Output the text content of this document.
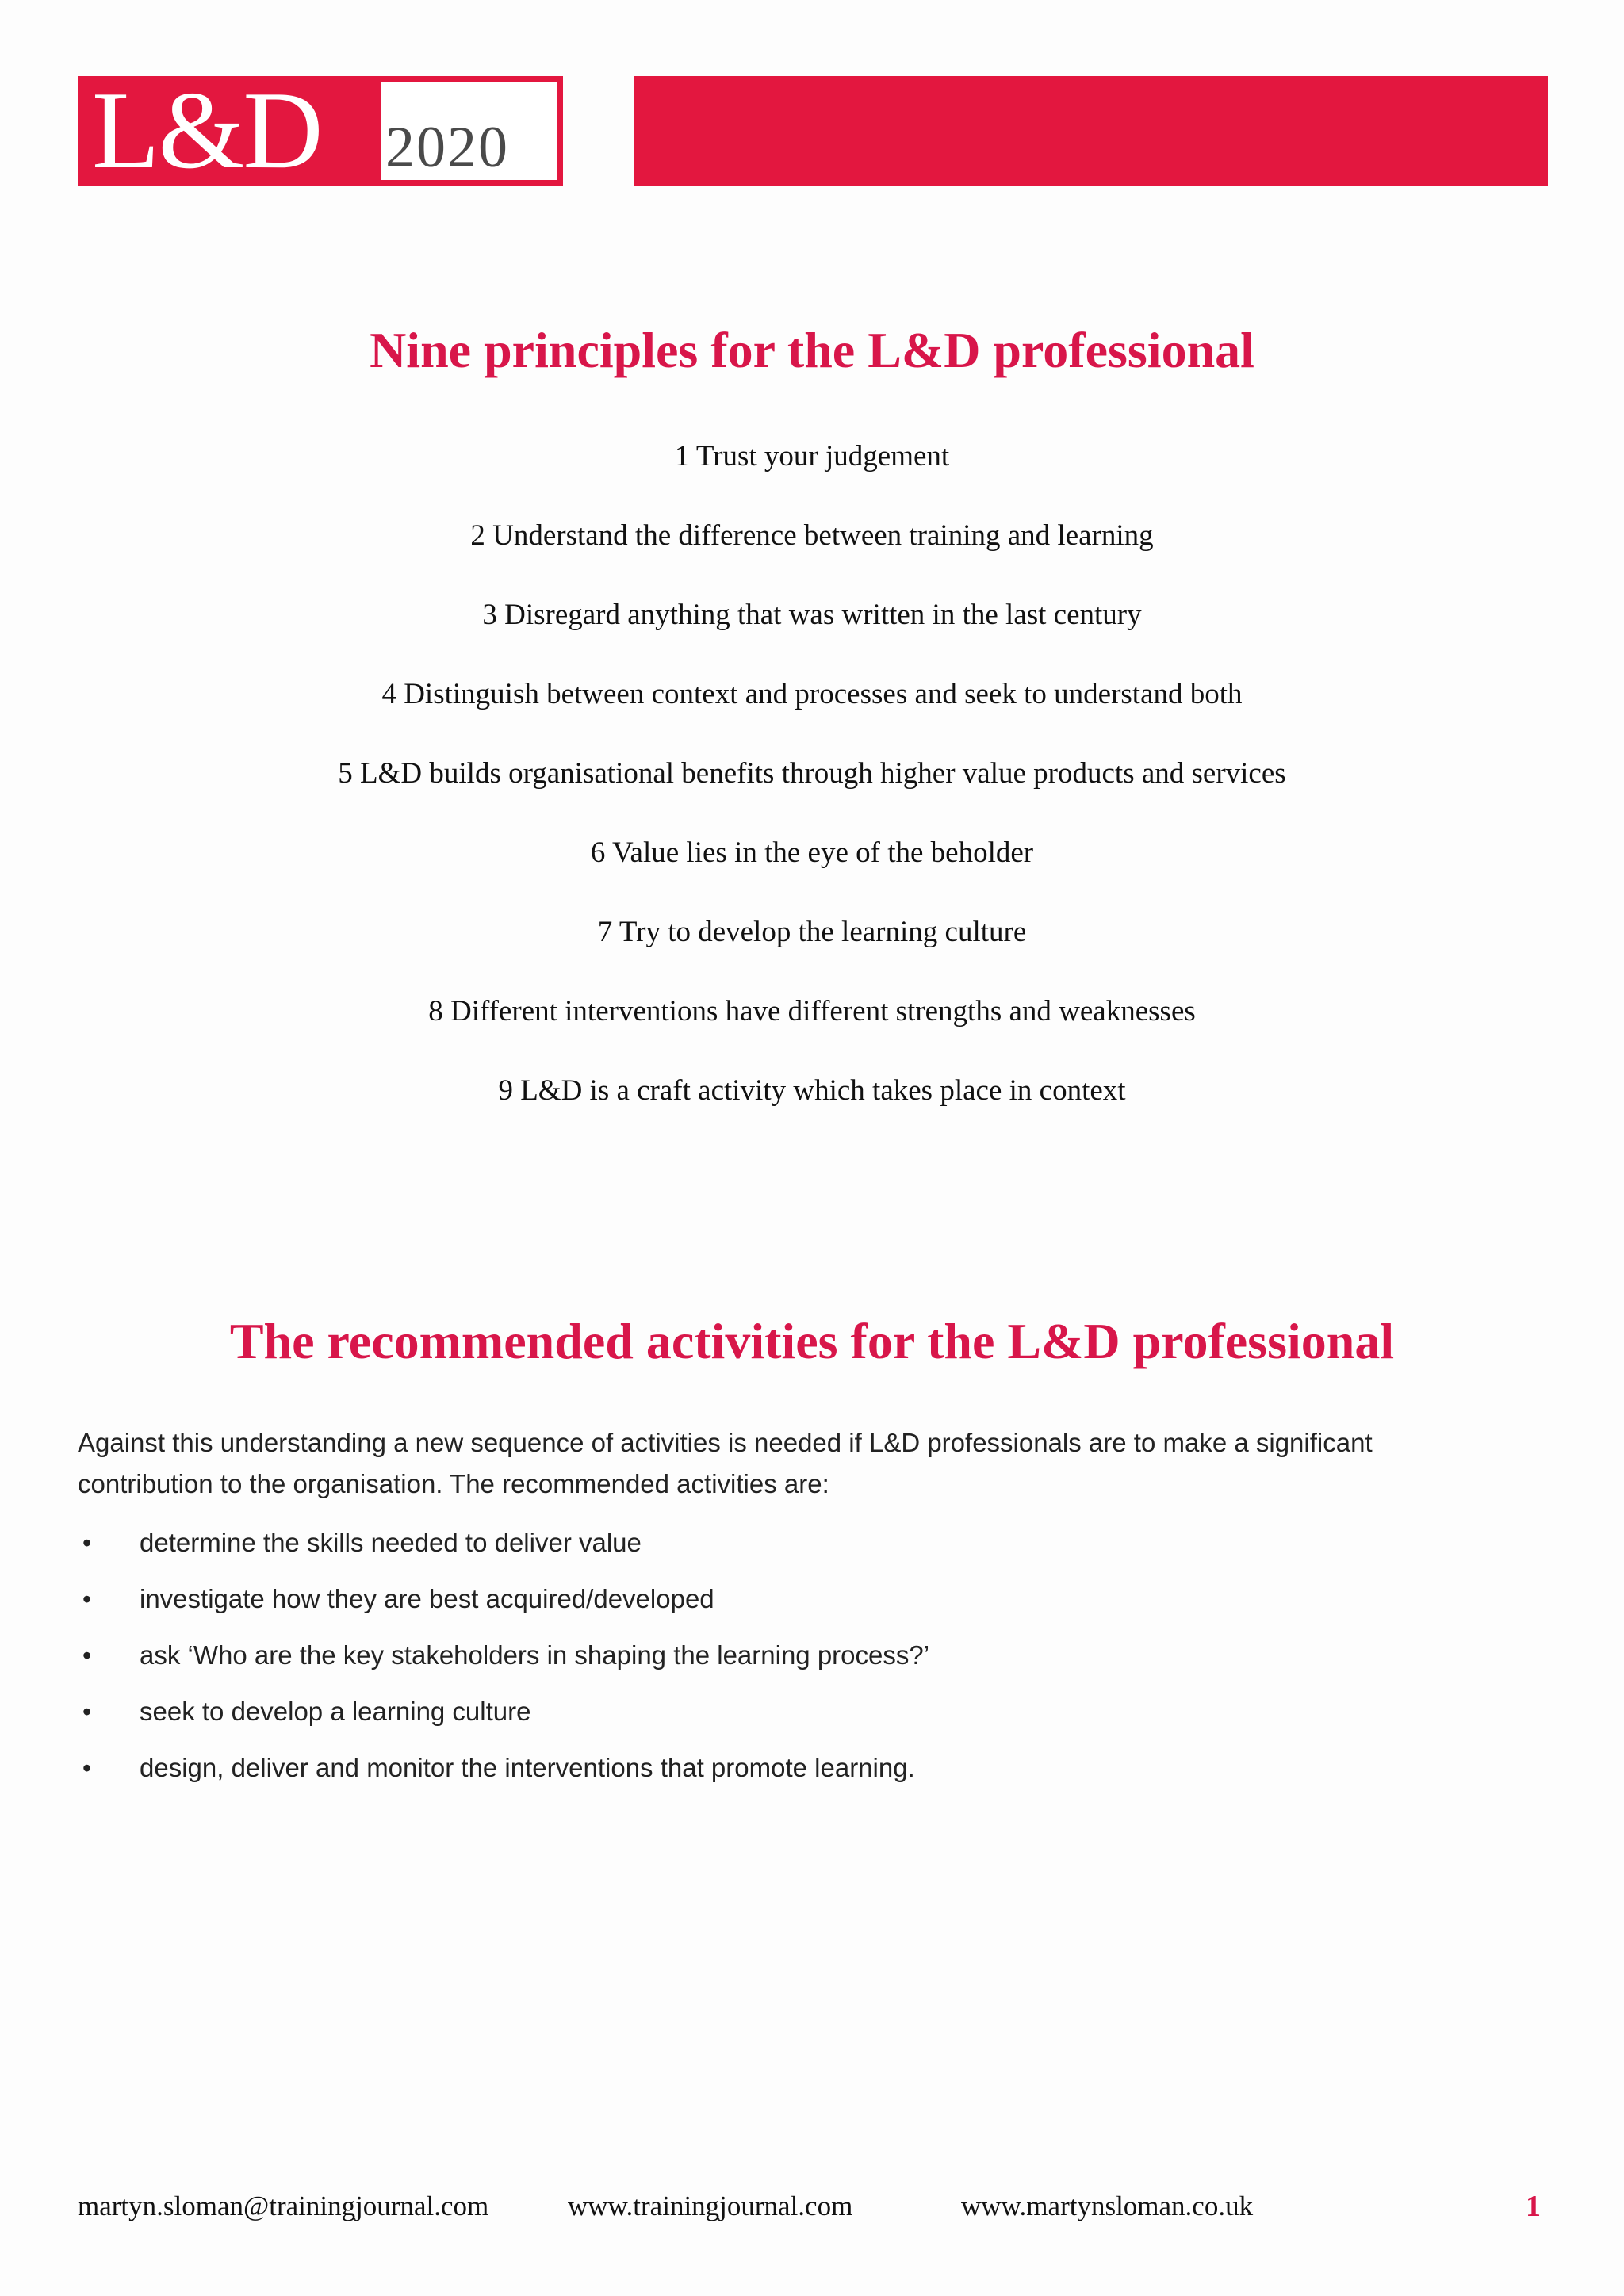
L&D 2020
Nine principles for the L&D professional
1 Trust your judgement
2 Understand the difference between training and learning
3 Disregard anything that was written in the last century
4 Distinguish between context and processes and seek to understand both
5 L&D builds organisational benefits through higher value products and services
6 Value lies in the eye of the beholder
7 Try to develop the learning culture
8 Different interventions have different strengths and weaknesses
9 L&D is a craft activity which takes place in context
The recommended activities for the L&D professional

Against this understanding a new sequence of activities is needed if L&D professionals are to make a significant contribution to the organisation. The recommended activities are:

• determine the skills needed to deliver value
• investigate how they are best acquired/developed
• ask ‘Who are the key stakeholders in shaping the learning process?’
• seek to develop a learning culture
• design, deliver and monitor the interventions that promote learning.
martyn.sloman@trainingjournal.com	www.trainingjournal.com	www.martynsloman.co.uk	1
